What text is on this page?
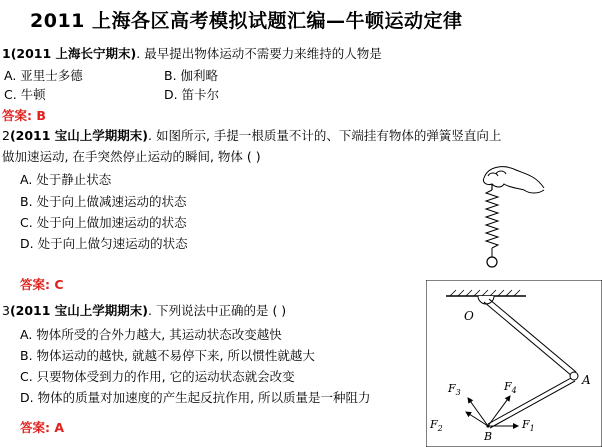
2011 上海各区高考模拟试题汇编—牛顿运动定律
1(2011 上海长宁期末). 最早提出物体运动不需要力来维持的人物是
A. 亚里士多德	B. 伽利略
C. 牛顿	D. 笛卡尔
答案: B
2(2011 宝山上学期期末). 如图所示, 手提一根质量不计的、下端挂有物体的弹簧竖直向上
做加速运动, 在手突然停止运动的瞬间, 物体 ( )
A. 处于静止状态
B. 处于向上做减速运动的状态
C. 处于向上做加速运动的状态
D. 处于向上做匀速运动的状态
答案: C
3(2011 宝山上学期期末). 下列说法中正确的是 ( )
A. 物体所受的合外力越大, 其运动状态改变越快
B. 物体运动的越快, 就越不易停下来, 所以惯性就越大
C. 只要物体受到力的作用, 它的运动状态就会改变
D. 物体的质量对加速度的产生起反抗作用, 所以质量是一种阻力
答案: A
O
A
B
$F_1$
$F_2$
$F_3$	$F_4$
